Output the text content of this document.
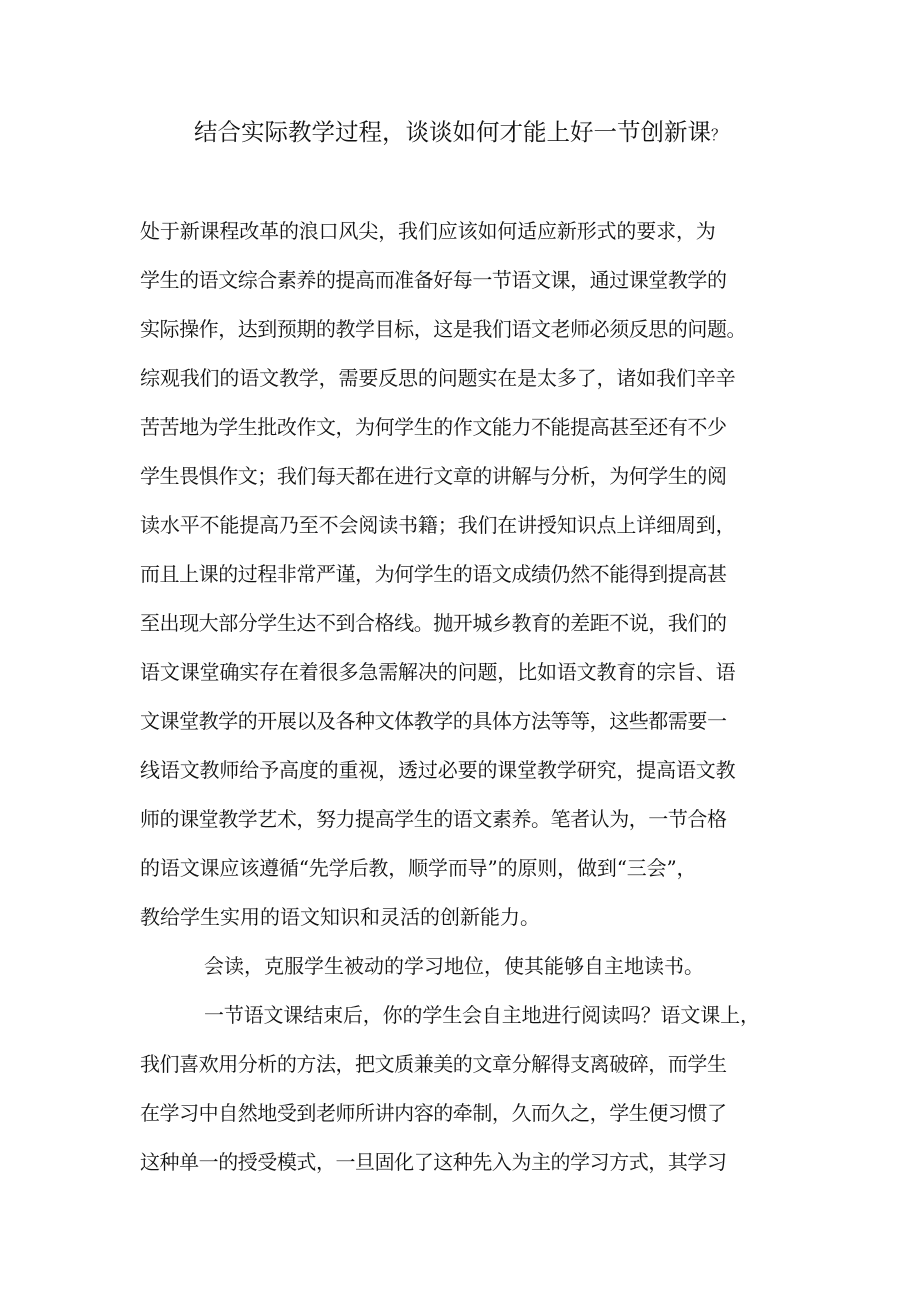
结合实际教学过程，谈谈如何才能上好一节创新课？
处于新课程改革的浪口风尖，我们应该如何适应新形式的要求，为
学生的语文综合素养的提高而准备好每一节语文课，通过课堂教学的
实际操作，达到预期的教学目标，这是我们语文老师必须反思的问题。
综观我们的语文教学，需要反思的问题实在是太多了，诸如我们辛辛
苦苦地为学生批改作文，为何学生的作文能力不能提高甚至还有不少
学生畏惧作文；我们每天都在进行文章的讲解与分析，为何学生的阅
读水平不能提高乃至不会阅读书籍；我们在讲授知识点上详细周到，
而且上课的过程非常严谨，为何学生的语文成绩仍然不能得到提高甚
至出现大部分学生达不到合格线。抛开城乡教育的差距不说，我们的
语文课堂确实存在着很多急需解决的问题，比如语文教育的宗旨、语
文课堂教学的开展以及各种文体教学的具体方法等等，这些都需要一
线语文教师给予高度的重视，透过必要的课堂教学研究，提高语文教
师的课堂教学艺术，努力提高学生的语文素养。笔者认为，一节合格
的语文课应该遵循“先学后教，顺学而导”的原则，做到“三会”，
教给学生实用的语文知识和灵活的创新能力。
会读，克服学生被动的学习地位，使其能够自主地读书。
一节语文课结束后，你的学生会自主地进行阅读吗？语文课上，
我们喜欢用分析的方法，把文质兼美的文章分解得支离破碎，而学生
在学习中自然地受到老师所讲内容的牵制，久而久之，学生便习惯了
这种单一的授受模式，一旦固化了这种先入为主的学习方式，其学习
